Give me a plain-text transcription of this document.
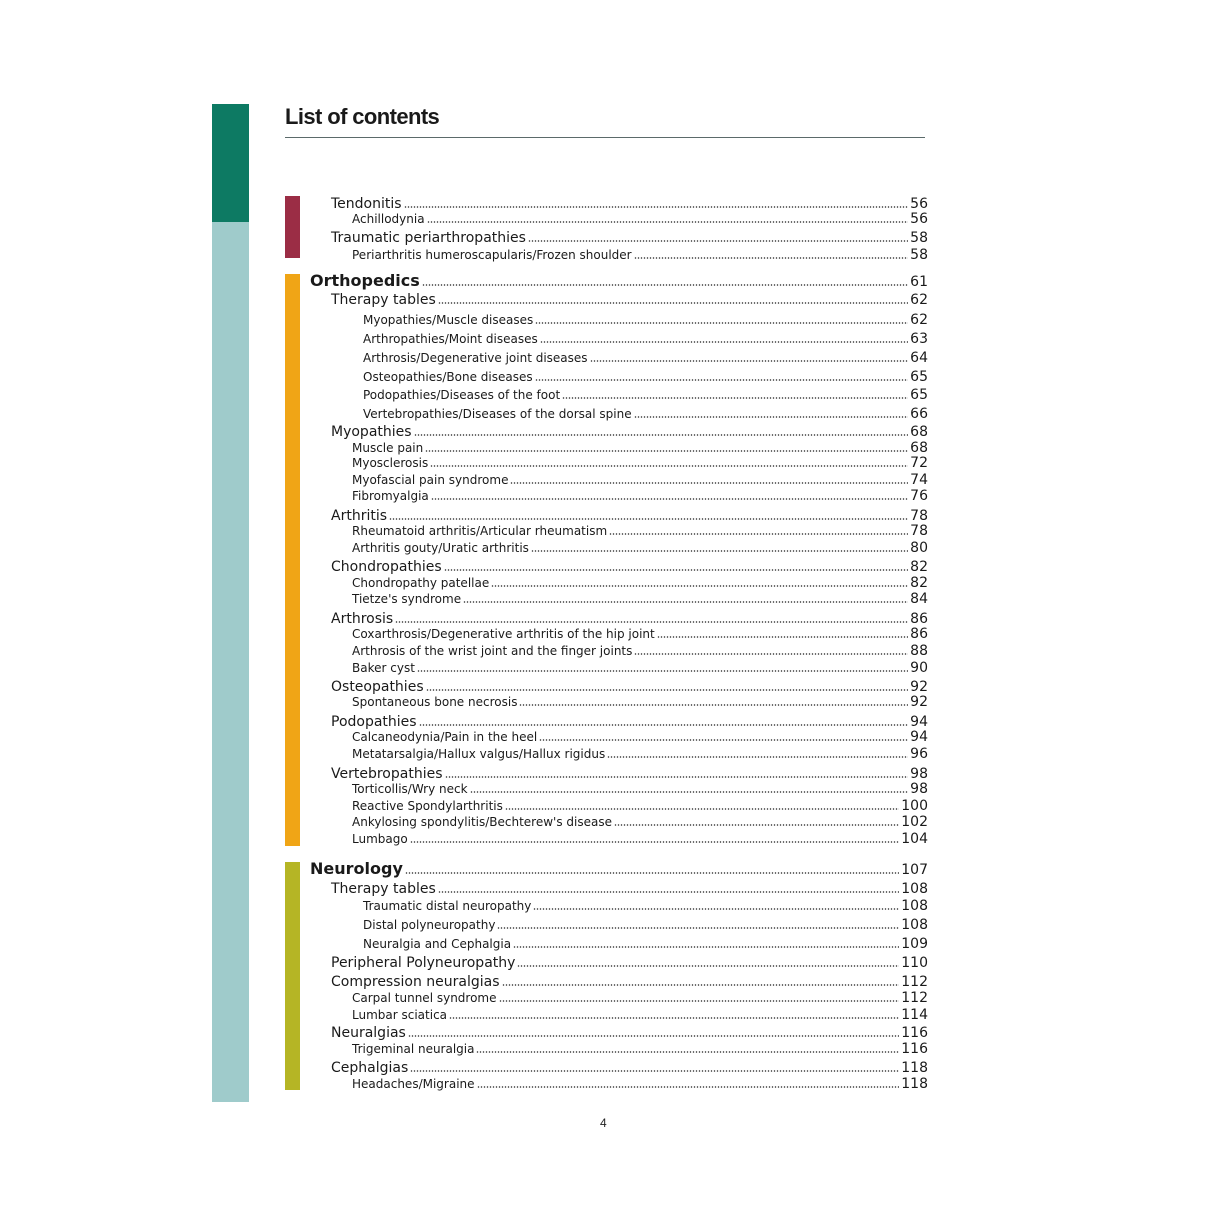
List of contents
Tendonitis	56
Achillodynia	56
Traumatic periarthropathies	58
Periarthritis humeroscapularis/Frozen shoulder	58
Orthopedics	61
Therapy tables	62
Myopathies/Muscle diseases	62
Arthropathies/Moint diseases	63
Arthrosis/Degenerative joint diseases	64
Osteopathies/Bone diseases	65
Podopathies/Diseases of the foot	65
Vertebropathies/Diseases of the dorsal spine	66
Myopathies	68
Muscle pain	68
Myosclerosis	72
Myofascial pain syndrome	74
Fibromyalgia	76
Arthritis	78
Rheumatoid arthritis/Articular rheumatism	78
Arthritis gouty/Uratic arthritis	80
Chondropathies	82
Chondropathy patellae	82
Tietze's syndrome	84
Arthrosis	86
Coxarthrosis/Degenerative arthritis of the hip joint	86
Arthrosis of the wrist joint and the finger joints	88
Baker cyst	90
Osteopathies	92
Spontaneous bone necrosis	92
Podopathies	94
Calcaneodynia/Pain in the heel	94
Metatarsalgia/Hallux valgus/Hallux rigidus	96
Vertebropathies	98
Torticollis/Wry neck	98
Reactive Spondylarthritis	100
Ankylosing spondylitis/Bechterew's disease	102
Lumbago	104
Neurology	107
Therapy tables	108
Traumatic distal neuropathy	108
Distal polyneuropathy	108
Neuralgia and Cephalgia	109
Peripheral Polyneuropathy	110
Compression neuralgias	112
Carpal tunnel syndrome	112
Lumbar sciatica	114
Neuralgias	116
Trigeminal neuralgia	116
Cephalgias	118
Headaches/Migraine	118
4
